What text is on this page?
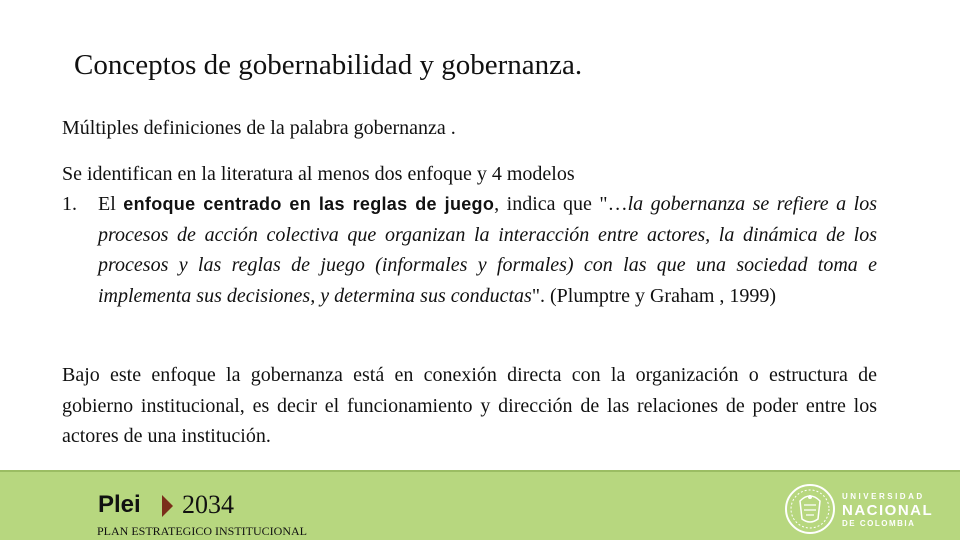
Conceptos de gobernabilidad y gobernanza.
Múltiples definiciones de la palabra gobernanza .
Se identifican en la literatura al menos dos enfoque y 4 modelos
1. El enfoque centrado en las reglas de juego, indica que "…la gobernanza se refiere a los procesos de acción colectiva que organizan la interacción entre actores, la dinámica de los procesos y las reglas de juego (informales y formales) con las que una sociedad toma e implementa sus decisiones, y determina sus conductas". (Plumptre y Graham , 1999)
Bajo este enfoque la gobernanza está en conexión directa con la organización o estructura de gobierno institucional, es decir el funcionamiento y dirección de las relaciones de poder entre los actores de una institución.
Plei 2034
PLAN ESTRATEGICO INSTITUCIONAL
UNIVERSIDAD
NACIONAL
DE COLOMBIA
